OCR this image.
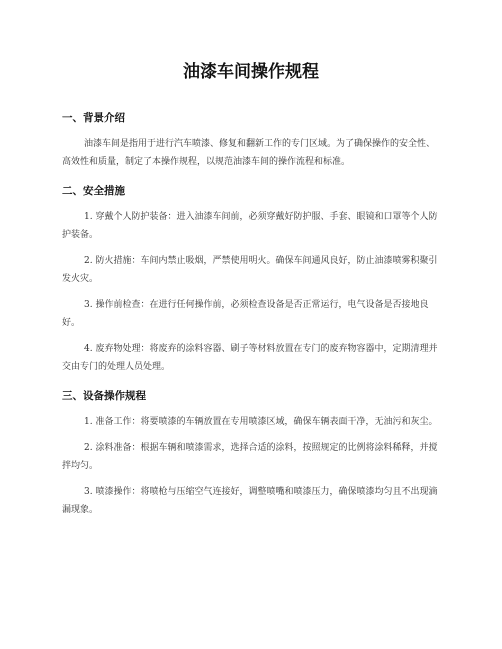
油漆车间操作规程
一、背景介绍

油漆车间是指用于进行汽车喷漆、修复和翻新工作的专门区域。为了确保操作的安全性、高效性和质量，制定了本操作规程，以规范油漆车间的操作流程和标准。

二、安全措施

1. 穿戴个人防护装备：进入油漆车间前，必须穿戴好防护服、手套、眼镜和口罩等个人防护装备。

2. 防火措施：车间内禁止吸烟，严禁使用明火。确保车间通风良好，防止油漆喷雾积聚引发火灾。

3. 操作前检查：在进行任何操作前，必须检查设备是否正常运行，电气设备是否接地良好。

4. 废弃物处理：将废弃的涂料容器、刷子等材料放置在专门的废弃物容器中，定期清理并交由专门的处理人员处理。

三、设备操作规程

1. 准备工作：将要喷漆的车辆放置在专用喷漆区域，确保车辆表面干净，无油污和灰尘。

2. 涂料准备：根据车辆和喷漆需求，选择合适的涂料，按照规定的比例将涂料稀释，并搅拌均匀。

3. 喷漆操作：将喷枪与压缩空气连接好，调整喷嘴和喷漆压力，确保喷漆均匀且不出现滴漏现象。
